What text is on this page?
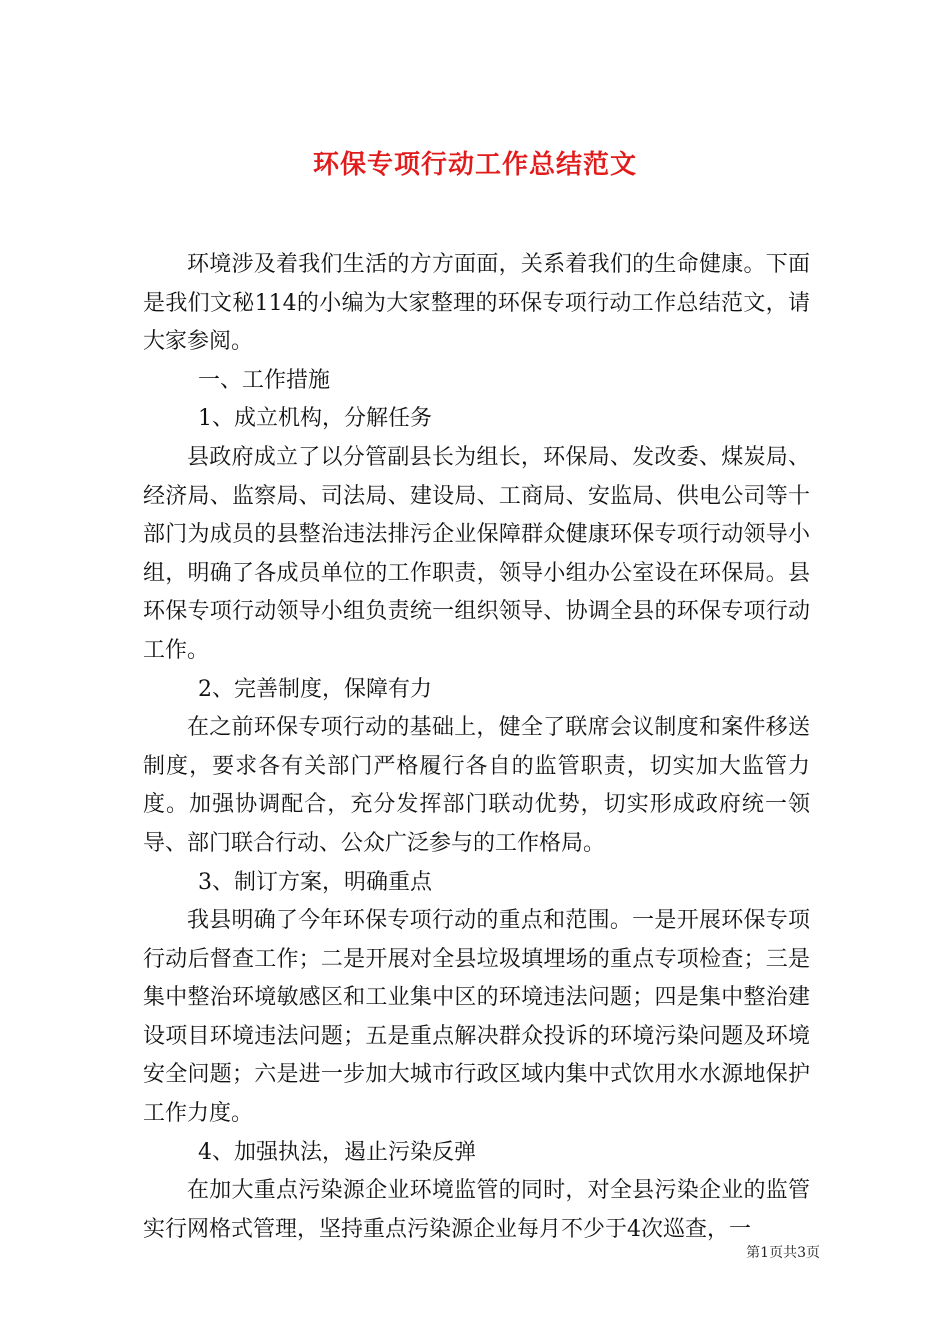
环保专项行动工作总结范文

环境涉及着我们生活的方方面面，关系着我们的生命健康。下面是我们文秘114的小编为大家整理的环保专项行动工作总结范文，请大家参阅。

一、工作措施

1、成立机构，分解任务

县政府成立了以分管副县长为组长，环保局、发改委、煤炭局、经济局、监察局、司法局、建设局、工商局、安监局、供电公司等十部门为成员的县整治违法排污企业保障群众健康环保专项行动领导小组，明确了各成员单位的工作职责，领导小组办公室设在环保局。县环保专项行动领导小组负责统一组织领导、协调全县的环保专项行动工作。

2、完善制度，保障有力

在之前环保专项行动的基础上，健全了联席会议制度和案件移送制度，要求各有关部门严格履行各自的监管职责，切实加大监管力度。加强协调配合，充分发挥部门联动优势，切实形成政府统一领导、部门联合行动、公众广泛参与的工作格局。

3、制订方案，明确重点

我县明确了今年环保专项行动的重点和范围。一是开展环保专项行动后督查工作；二是开展对全县垃圾填埋场的重点专项检查；三是集中整治环境敏感区和工业集中区的环境违法问题；四是集中整治建设项目环境违法问题；五是重点解决群众投诉的环境污染问题及环境安全问题；六是进一步加大城市行政区域内集中式饮用水水源地保护工作力度。

4、加强执法，遏止污染反弹

在加大重点污染源企业环境监管的同时，对全县污染企业的监管实行网格式管理，坚持重点污染源企业每月不少于4次巡查，一

第1页共3页
